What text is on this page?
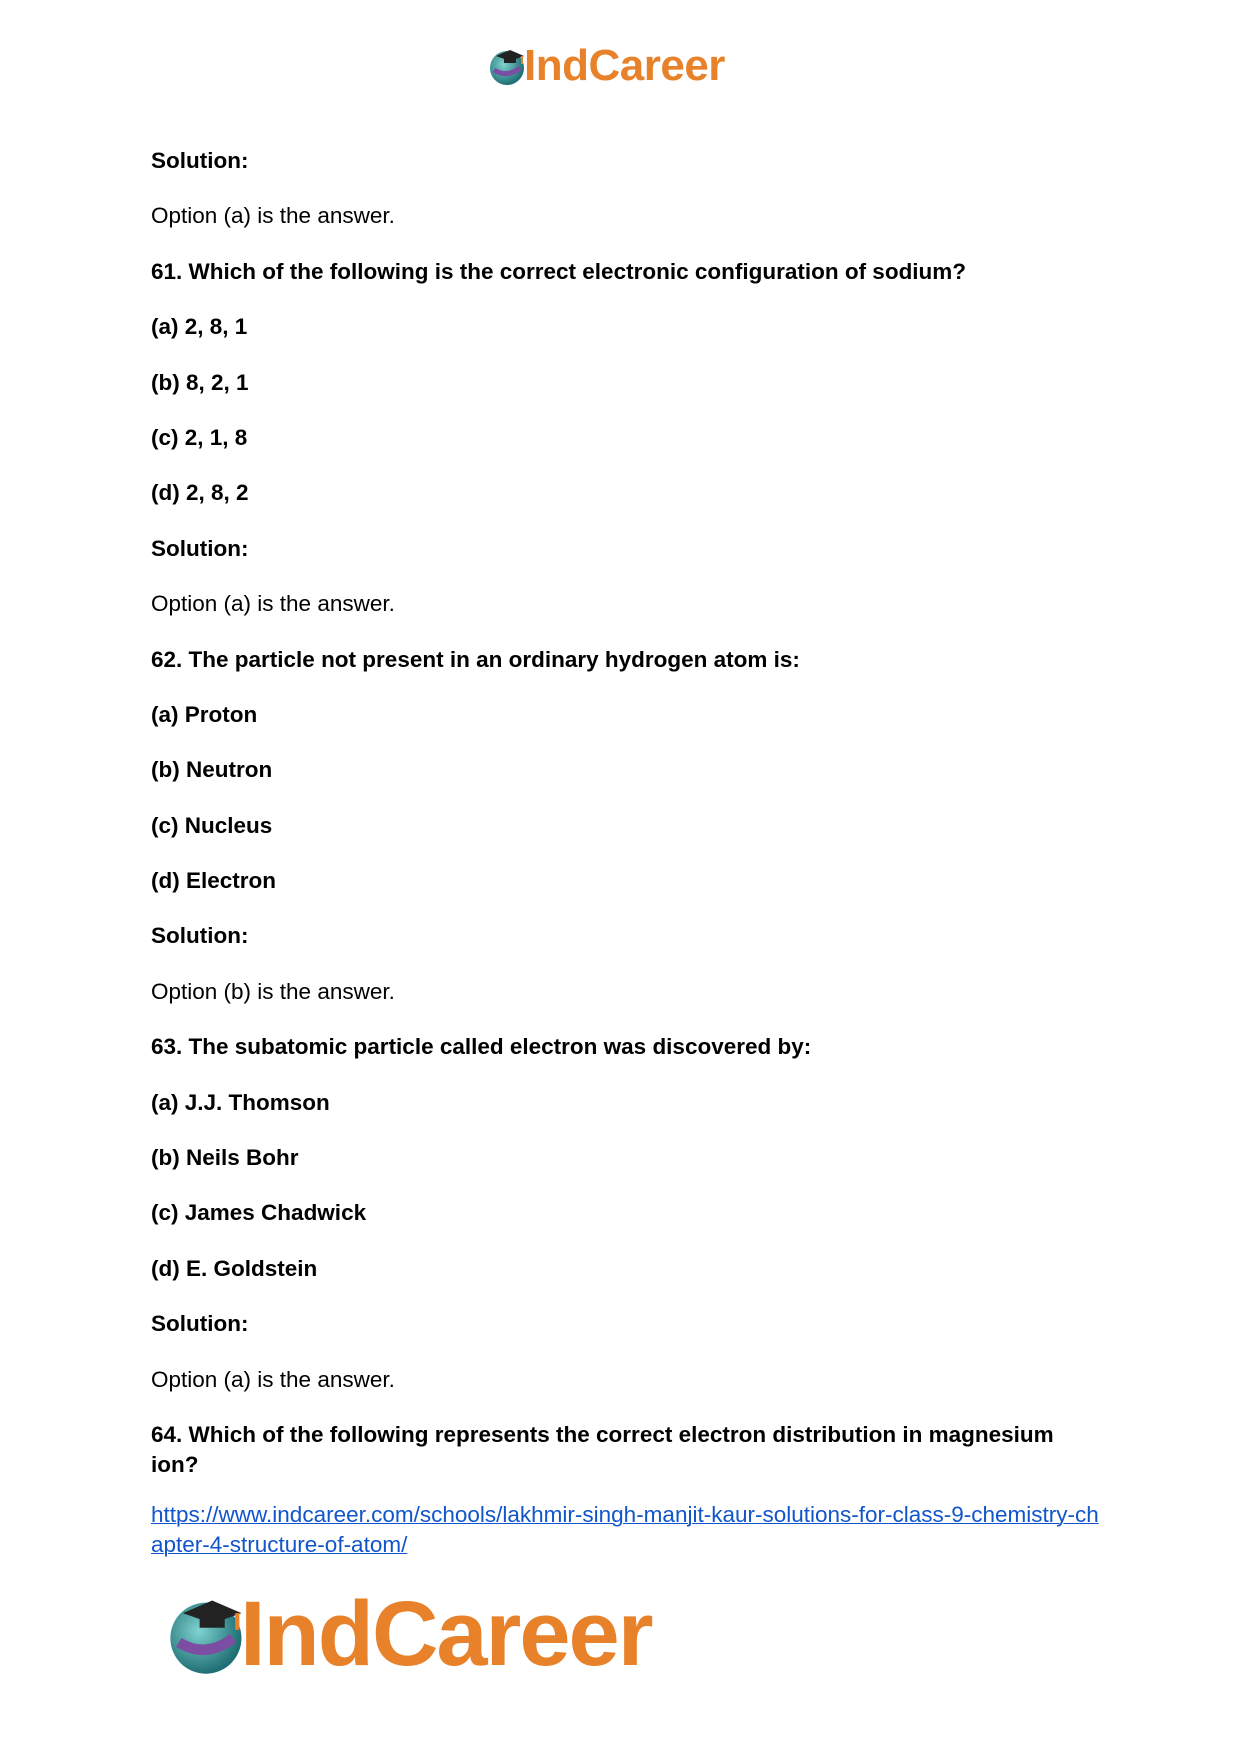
IndCareer

Solution:

Option (a) is the answer.

61. Which of the following is the correct electronic configuration of sodium?

(a) 2, 8, 1

(b) 8, 2, 1

(c) 2, 1, 8

(d) 2, 8, 2

Solution:

Option (a) is the answer.

62. The particle not present in an ordinary hydrogen atom is:

(a) Proton

(b) Neutron

(c) Nucleus

(d) Electron

Solution:

Option (b) is the answer.

63. The subatomic particle called electron was discovered by:

(a) J.J. Thomson

(b) Neils Bohr

(c) James Chadwick

(d) E. Goldstein

Solution:

Option (a) is the answer.

64. Which of the following represents the correct electron distribution in magnesium ion?

https://www.indcareer.com/schools/lakhmir-singh-manjit-kaur-solutions-for-class-9-chemistry-chapter-4-structure-of-atom/
IndCareer
